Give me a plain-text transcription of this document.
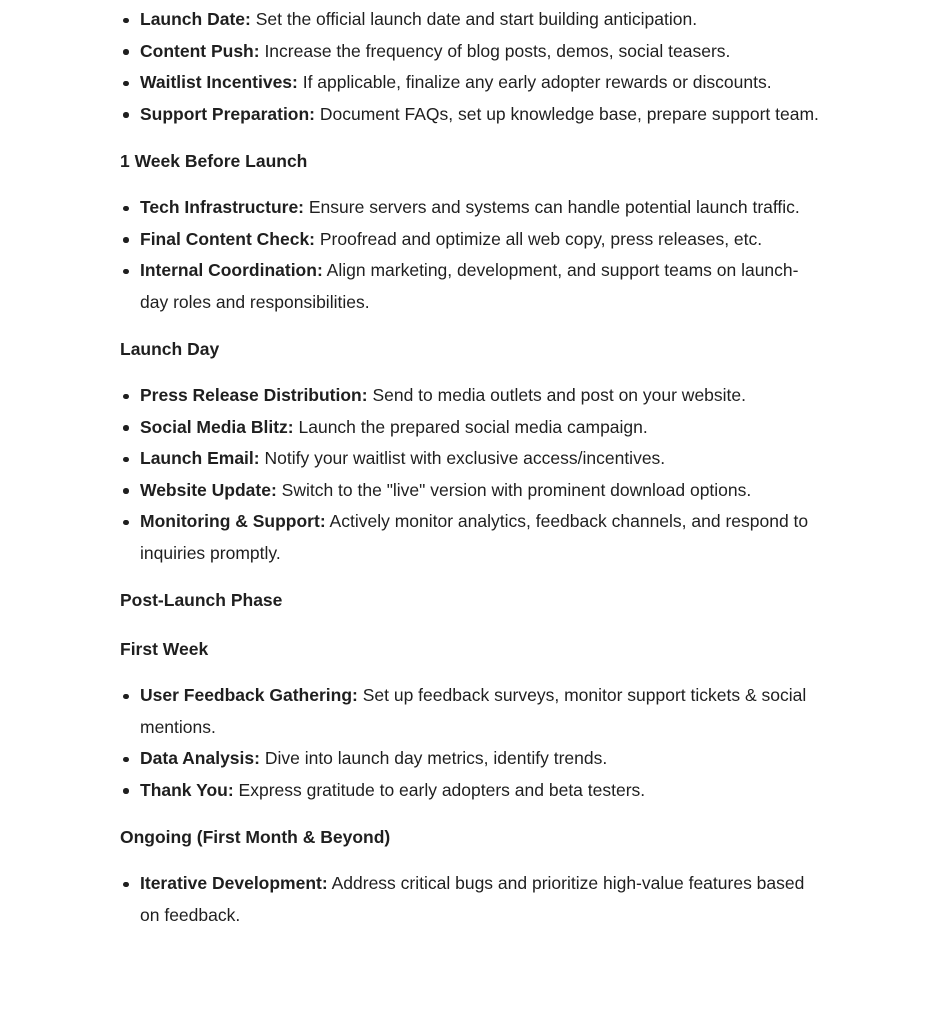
Launch Date: Set the official launch date and start building anticipation.
Content Push: Increase the frequency of blog posts, demos, social teasers.
Waitlist Incentives: If applicable, finalize any early adopter rewards or discounts.
Support Preparation: Document FAQs, set up knowledge base, prepare support team.
1 Week Before Launch
Tech Infrastructure: Ensure servers and systems can handle potential launch traffic.
Final Content Check: Proofread and optimize all web copy, press releases, etc.
Internal Coordination: Align marketing, development, and support teams on launch-day roles and responsibilities.
Launch Day
Press Release Distribution: Send to media outlets and post on your website.
Social Media Blitz: Launch the prepared social media campaign.
Launch Email: Notify your waitlist with exclusive access/incentives.
Website Update: Switch to the "live" version with prominent download options.
Monitoring & Support: Actively monitor analytics, feedback channels, and respond to inquiries promptly.
Post-Launch Phase
First Week
User Feedback Gathering: Set up feedback surveys, monitor support tickets & social mentions.
Data Analysis: Dive into launch day metrics, identify trends.
Thank You: Express gratitude to early adopters and beta testers.
Ongoing (First Month & Beyond)
Iterative Development: Address critical bugs and prioritize high-value features based on feedback.
